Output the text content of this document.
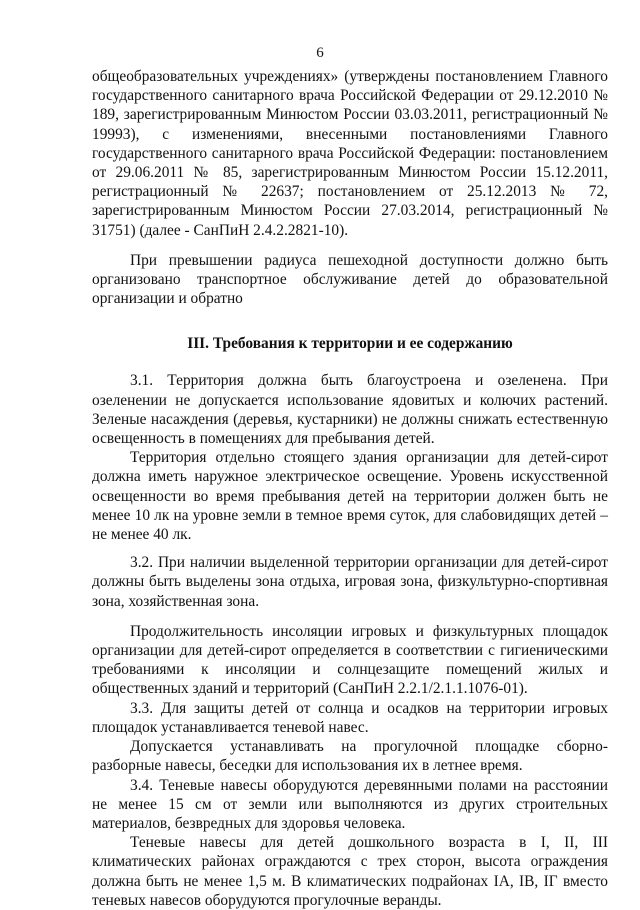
6

общеобразовательных учреждениях» (утверждены постановлением Главного государственного санитарного врача Российской Федерации от 29.12.2010 № 189, зарегистрированным Минюстом России 03.03.2011, регистрационный № 19993), с изменениями, внесенными постановлениями Главного государственного санитарного врача Российской Федерации: постановлением от 29.06.2011 № 85, зарегистрированным Минюстом России 15.12.2011, регистрационный № 22637; постановлением от 25.12.2013 № 72, зарегистрированным Минюстом России 27.03.2014, регистрационный № 31751) (далее - СанПиН 2.4.2.2821-10).

При превышении радиуса пешеходной доступности должно быть организовано транспортное обслуживание детей до образовательной организации и обратно

III. Требования к территории и ее содержанию

3.1. Территория должна быть благоустроена и озеленена. При озеленении не допускается использование ядовитых и колючих растений. Зеленые насаждения (деревья, кустарники) не должны снижать естественную освещенность в помещениях для пребывания детей.

Территория отдельно стоящего здания организации для детей-сирот должна иметь наружное электрическое освещение. Уровень искусственной освещенности во время пребывания детей на территории должен быть не менее 10 лк на уровне земли в темное время суток, для слабовидящих детей – не менее 40 лк.

3.2. При наличии выделенной территории организации для детей-сирот должны быть выделены зона отдыха, игровая зона, физкультурно-спортивная зона, хозяйственная зона.

Продолжительность инсоляции игровых и физкультурных площадок организации для детей-сирот определяется в соответствии с гигиеническими требованиями к инсоляции и солнцезащите помещений жилых и общественных зданий и территорий (СанПиН 2.2.1/2.1.1.1076-01).

3.3. Для защиты детей от солнца и осадков на территории игровых площадок устанавливается теневой навес.

Допускается устанавливать на прогулочной площадке сборно-разборные навесы, беседки для использования их в летнее время.

3.4. Теневые навесы оборудуются деревянными полами на расстоянии не менее 15 см от земли или выполняются из других строительных материалов, безвредных для здоровья человека.

Теневые навесы для детей дошкольного возраста в I, II, III климатических районах ограждаются с трех сторон, высота ограждения должна быть не менее 1,5 м. В климатических подрайонах IA, IB, IГ вместо теневых навесов оборудуются прогулочные веранды.
